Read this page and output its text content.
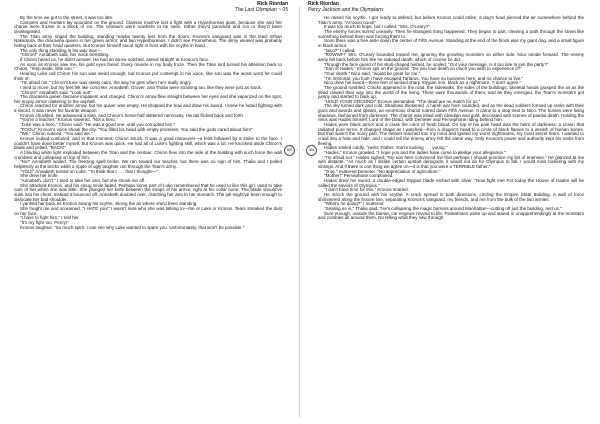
Rick Riordan
The Last Olympian ~ 05

By the time we got to the street, it was too late.

Campers and Hunters lay wounded on the ground. Clarisse must've lost a fight with a Hyperborean giant, because she and her chariot were frozen in a block of ice. The centaurs were nowhere to be seen. Either they'd panicked and run or they'd been disintegrated.

The Titan army ringed the building, standing maybe twenty feet from the doors. Kronos's vanguard was in the lead: Ethan Nakamura, the dracaena queen in her green armor, and two Hyperboreans. I didn't see Prometheus. The slimy weasel was probably hiding back at their head quarters. But Kronos himself stood right in front with his scythe in hand.

The only thing standing in his way was—

"Chiron!" Annabeth said, her voice trembling.

If Chiron heard us, he didn't answer. He had an arrow notched, aimed straight at Kronos's face.

As soon as Kronos saw me, his gold eyes flared. Every muscle in my body froze. Then the Titan lord turned his attention back to Chiron. "Step aside, little son."

Hearing Luke call Chiron his son was weird enough, but Kronos put contempt in his voice, like son was the worst word he could think of.

"I'm afraid not." Chiron's tone was steely calm, the way he gets when he's really angry.

I tried to move, but my feet felt like concrete. Annabeth, Grover, and Thalia were straining too, like they were just as stuck.

"Chiron!" Annabeth said. "Look out!"

The dracaena queen became impatient and charged. Chiron's arrow flew straight between her eyes and she vaporized on the spot, her empty armor clattering to the asphalt.

Chiron reached for another arrow, but his quiver was empty. He dropped the bow and drew his sword. I knew he hated fighting with a sword. It was never his favorite weapon.

Kronos chuckled. He advanced a step, and Chiron's horse-half skittered nervously. His tail flicked back and forth.

"You're a teacher," Kronos sneered. "Not a hero."

"Luke was a hero," Chiron said. "He was a good one, until you corrupted him."

"FOOL!" Kronos's voice shook the city. "You filled his head with empty promises. You said the gods cared about him!"

"We," Chiron noticed. "You said we."

Kronos looked confused, and in that moment, Chiron struck. It was a good maneuver—a feint followed by a strike to the face. I couldn't have done better myself, but Kronos was quick. He had all of Luke's fighting skill, which was a lot. He knocked aside Chiron's blade and yelled, "BACK!"

A blinding white light exploded between the Titan and the centaur. Chiron flew into the side of the building with such force the wall crumbled and collapsed on top of him.

"No!" Annabeth wailed. The freezing spell broke. We ran toward our teacher, but there was no sign of him. Thalia and I pulled helplessly at the bricks while a ripple of ugly laughter ran through the Titan's army.

"YOU!" Annabeth turned on Luke. "To think that I . . . that I thought—"

She drew her knife.

"Annabeth, don't," I tried to take her arm, but she shook me off.

She attacked Kronos, and his smug smile faded. Perhaps some part of Luke remembered that he used to like this girl, used to take care of her when she was little. She plunged her knife between the straps of his armor, right at his collar bone. The blade should've sunk into his chest. Instead it bounced off. Annabeth doubled over, clutching her arm to her stomach. The jolt might've been enough to dislocate her bad shoulder.

I yanked her back as Kronos swung his scythe, slicing the air where she'd been standing.

She fought me and screamed, "I HATE you!" I wasn't sure who she was talking to—me or Luke or Kronos. Tears streaked the dust on her face.

"I have to fight him," I told her.

"It's my fight too, Percy!"

Kronos laughed. "So much spirit. I can see why Luke wanted to spare you. Unfortunately, that won't be possible."

Rick Riordan
Percy Jackson and the Olympians

He raised his scythe. I got ready to defend, but before Kronos could strike, a dog's howl pierced the air somewhere behind the Titan's army. "Arroooo oooo!"

It was too much to hope, but I called, "Mrs. O'Leary?"

The enemy forces stirred uneasily. Then he strangest thing happened. They began to part, clearing a path through the street like something behind them was forcing them to.

Soon there was a free aisle down the center of Fifth Avenue. Standing at the end of the block was my giant dog, and a small figure in black armor.

"Nico?" I called.

"ROWWF!" Mrs. O'Leary bounded toward me, ignoring the growling monsters on either side. Nico strode forward. The enemy army fell back before him like he radiated death, which of course he did.

Through the face guard of his skull-shaped helmet, he smiled. "Got your message. Is it too late to join the party?"

"Son of Hades," Kronos spit on the ground. "Do you love death so much you wish to experience it?"

"Your death," Nico said, "would be great for me."

"I'm immortal, you fool! I have escaped Tartarus. You have no business here, and no chance to live."

Nico drew his sword—three feet of wicked sharp Stygian iron, black as a nightmare. "I don't agree."

The ground rumbled. Cracks appeared in the road, the sidewalks, the sides of the buildings. Skeletal hands grasped the air as the dead clawed their way into the world of the living. There were thousands of them, and as they emerged, the Titan's monsters got jumpy and started to back up.

"HOLD YOUR GROUND!" Kronos demanded. "The dead are no match for us."

The sky turned dark and cold. Shadows thickened. A harsh war horn sounded, and as the dead soldiers formed up ranks with their guns and swords and spears, an enormous chariot roared down Fifth Avenue. It came to a stop next to Nico. The horses were living shadows, fashioned from darkness. The chariot was inlaid with obsidian and gold, decorated with scenes of painful death. Holding the reins was Hades himself, Lord of the Dead, with Demeter and Persephone riding behind him.

Hades wore black armor and a cloak the color of fresh blood. On top of his pale head was the helm of darkness: a crown that radiated pure terror. It changed shape as I watched—from a dragon's head to a circle of black flames to a wreath of human bones. But that wasn't the scary part. The helmet reached into my mind and ignited my worst nightmares, my most secret fears. I wanted to crawl into a hole and hide, and I could tell the enemy army felt the same way. Only Kronos's power and authority kept his ranks from fleeing.

Hades smiled coldly. "Hello, Father. You're looking . . . young."

"Hades," Kronos growled. "I hope you and the ladies have come to pledge your allegiance."

"I'm afraid not." Hades sighed. "My son here convinced me that perhaps I should prioritize my list of enemies." He glanced at me with distaste. "As much as I dislike certain upstart demigods, it would not do for Olympus to fall. I would miss bickering with my siblings. And if there is one thing we agree on—it is that you were a TERRIBLE father."

"True," muttered Demeter. "No appreciation of agriculture."

"Mother!" Persephone complained.

Hades drew his sword, a double-edged Stygian blade etched with silver. "Now fight me! For today the House of Hades will be called the saviors of Olympus."

"I don't have time for this," Kronos snarled.

He struck the ground with his scythe. A crack spread in both directions, circling the Empire State Building. A wall of force shimmered along the fissure line, separating Kronos's vanguard, my friends, and me from the bulk of the two armies.

"What's he doing?" I muttered.

"Sealing us in," Thalia said. "He's collapsing the magic barriers around Manhattan—cutting off just the building, and us."

Sure enough, outside the barrier, car engines revved to life. Pedestrians woke up and stared in unapprehendingly at the monsters and zombies all around them. No telling what they saw through

363 ‹	›	364
